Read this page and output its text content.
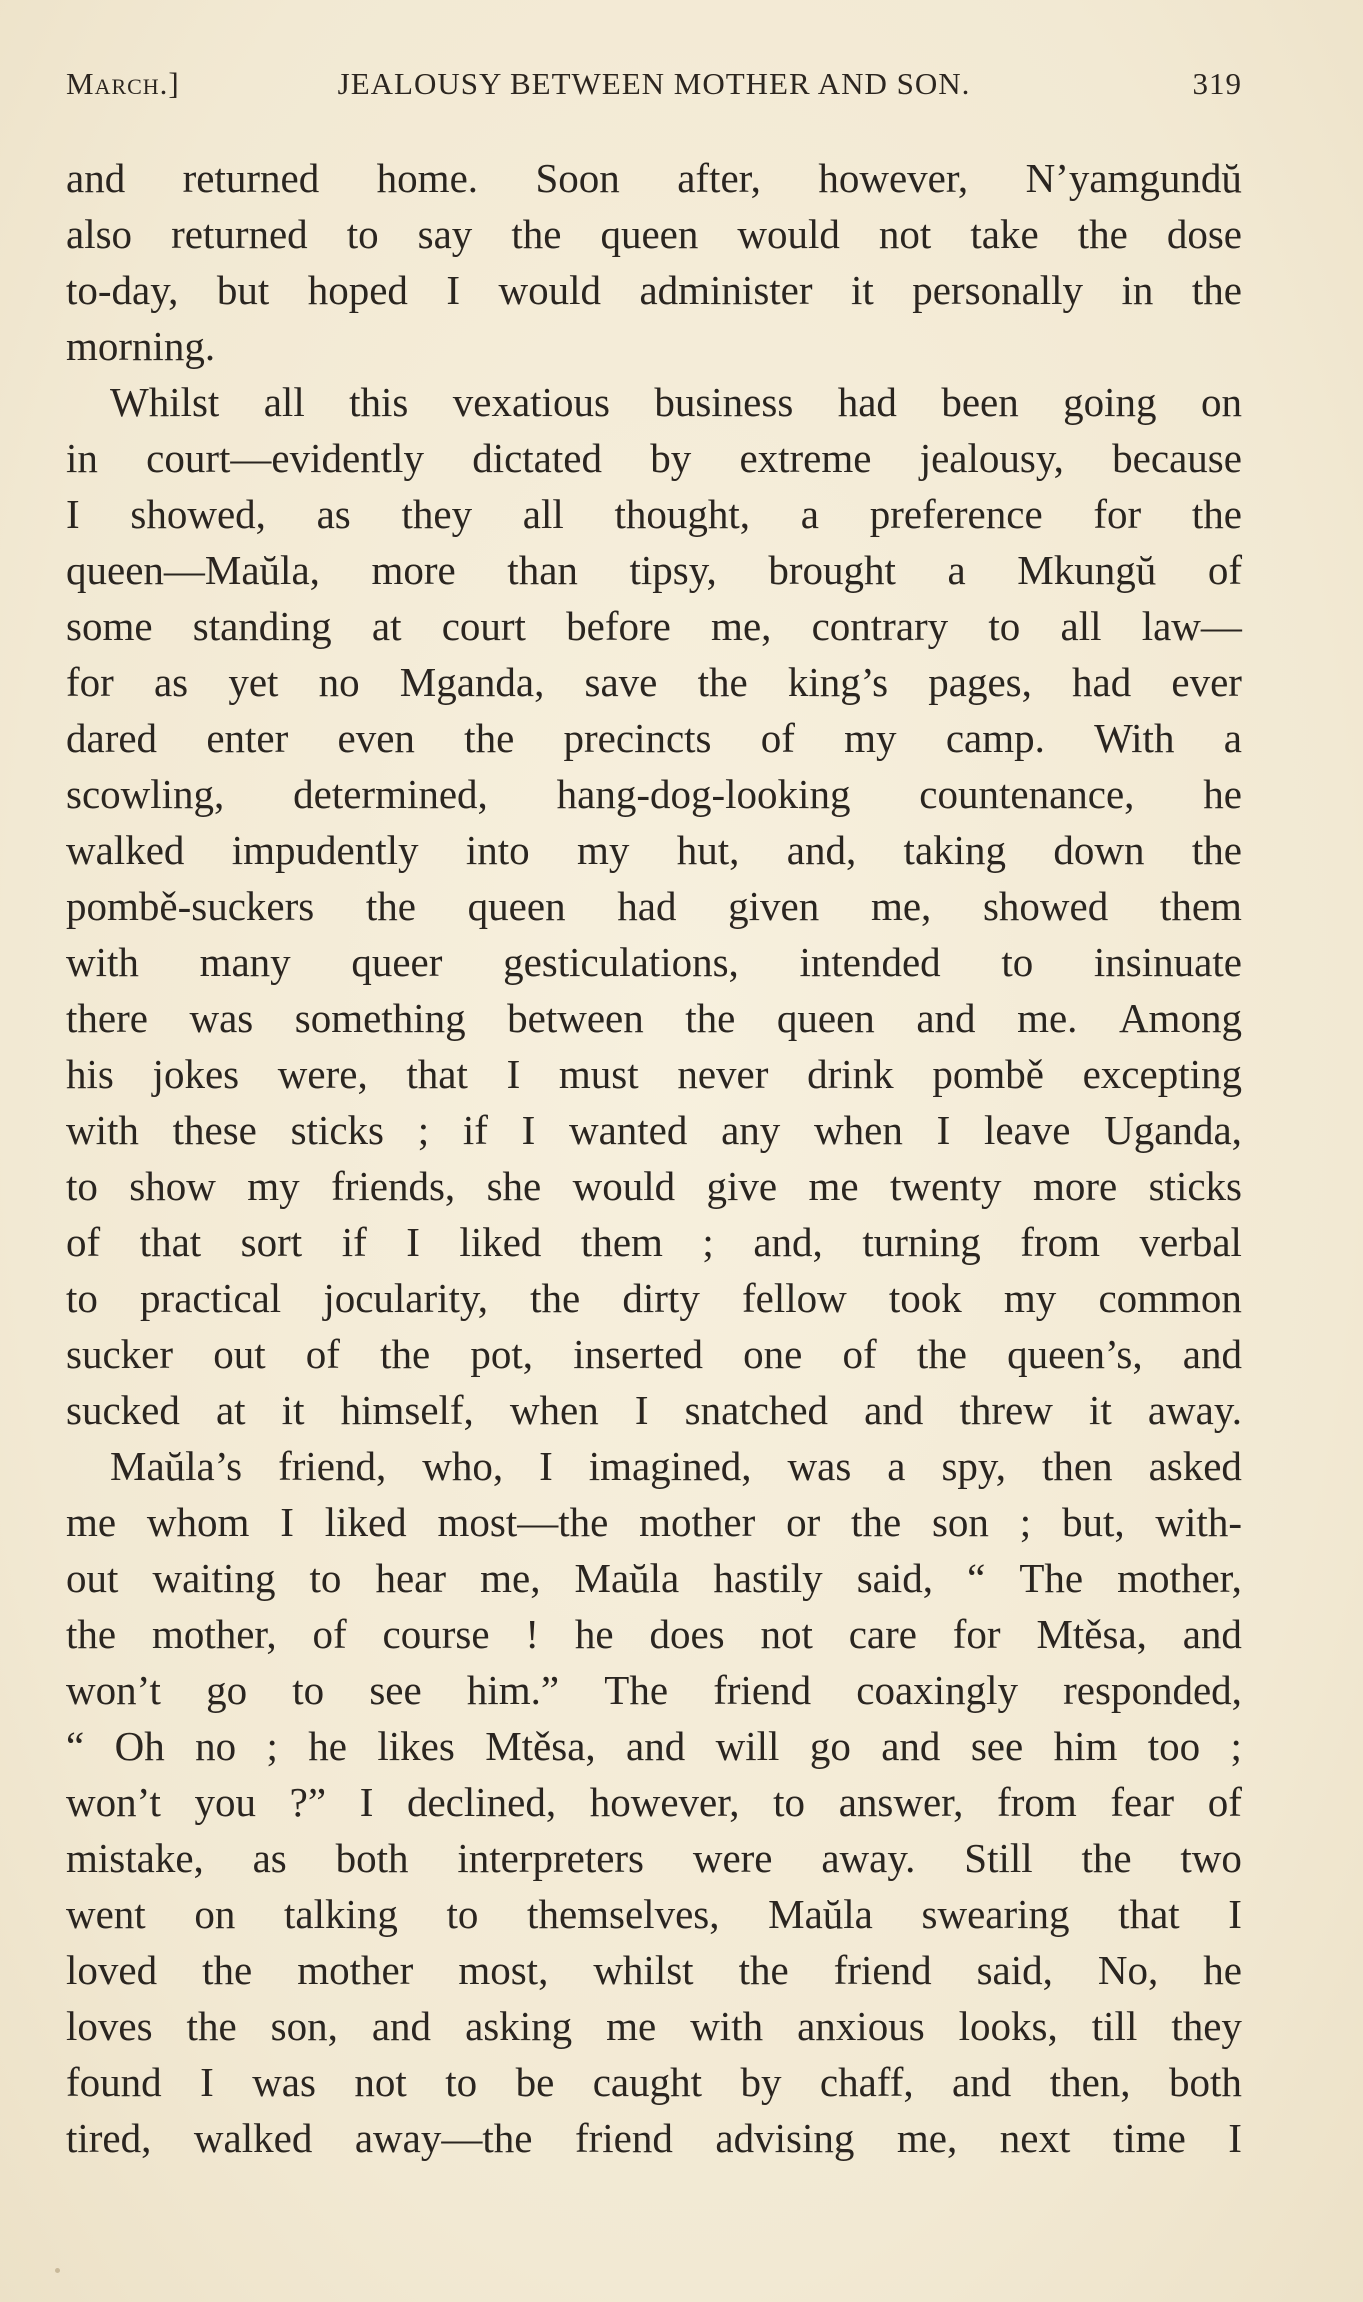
March.]	JEALOUSY BETWEEN MOTHER AND SON.	319
and returned home. Soon after, however, N’yamgundŭ
also returned to say the queen would not take the dose
to-day, but hoped I would administer it personally in the
morning.
Whilst all this vexatious business had been going on
in court—evidently dictated by extreme jealousy, because
I showed, as they all thought, a preference for the
queen—Maŭla, more than tipsy, brought a Mkungŭ of
some standing at court before me, contrary to all law—
for as yet no Mganda, save the king’s pages, had ever
dared enter even the precincts of my camp. With a
scowling, determined, hang-dog-looking countenance, he
walked impudently into my hut, and, taking down the
pombě-suckers the queen had given me, showed them
with many queer gesticulations, intended to insinuate
there was something between the queen and me. Among
his jokes were, that I must never drink pombě excepting
with these sticks ; if I wanted any when I leave Uganda,
to show my friends, she would give me twenty more sticks
of that sort if I liked them ; and, turning from verbal
to practical jocularity, the dirty fellow took my common
sucker out of the pot, inserted one of the queen’s, and
sucked at it himself, when I snatched and threw it away.
Maŭla’s friend, who, I imagined, was a spy, then asked
me whom I liked most—the mother or the son ; but, with-
out waiting to hear me, Maŭla hastily said, “ The mother,
the mother, of course ! he does not care for Mtěsa, and
won’t go to see him.” The friend coaxingly responded,
“ Oh no ; he likes Mtěsa, and will go and see him too ;
won’t you ?” I declined, however, to answer, from fear of
mistake, as both interpreters were away. Still the two
went on talking to themselves, Maŭla swearing that I
loved the mother most, whilst the friend said, No, he
loves the son, and asking me with anxious looks, till they
found I was not to be caught by chaff, and then, both
tired, walked away—the friend advising me, next time I
